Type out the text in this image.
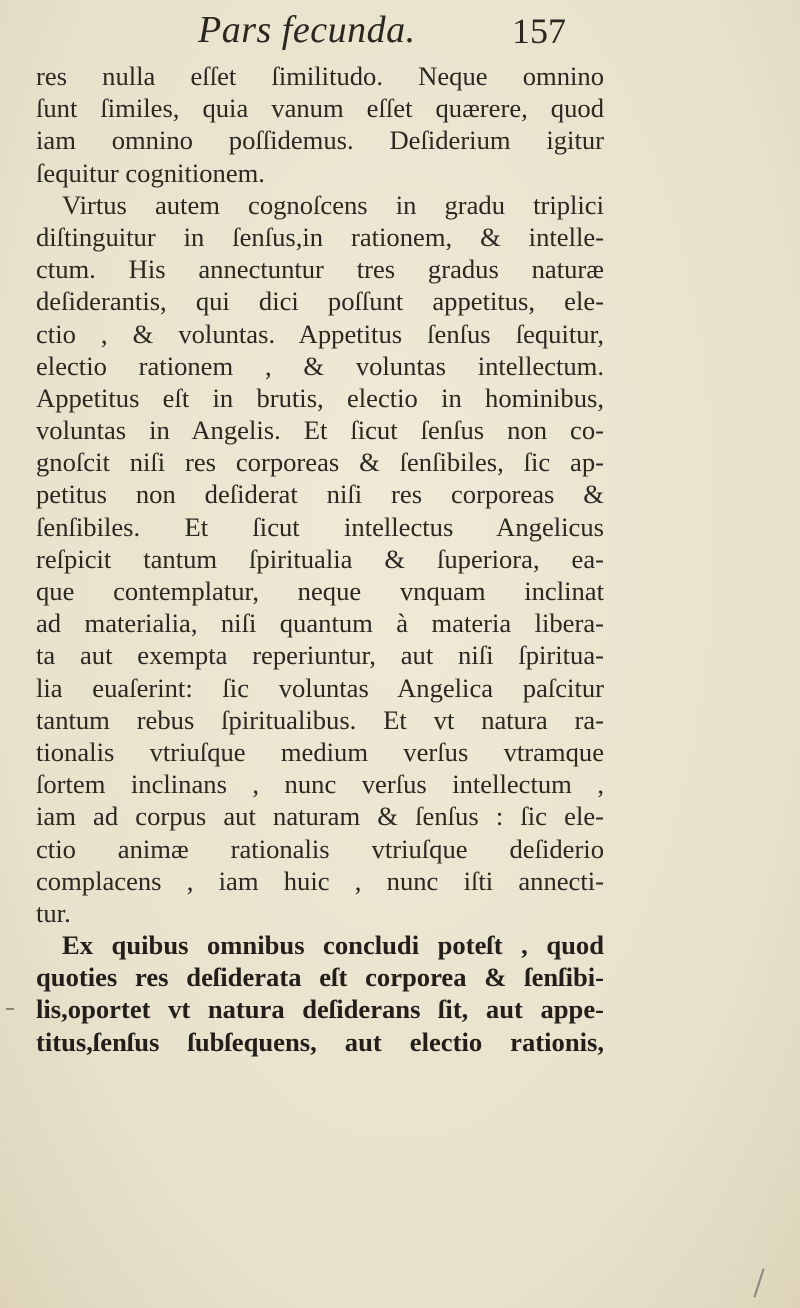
Pars fecunda.	157
res nulla eſſet ſimilitudo. Neque omnino
ſunt ſimiles, quia vanum eſſet quærere, quod
iam omnino poſſidemus. Deſiderium igitur
ſequitur cognitionem.
Virtus autem cognoſcens in gradu triplici
diſtinguitur in ſenſus,in rationem, & intelle-
ctum. His annectuntur tres gradus naturæ
deſiderantis, qui dici poſſunt appetitus, ele-
ctio , & voluntas. Appetitus ſenſus ſequitur,
electio rationem , & voluntas intellectum.
Appetitus eſt in brutis, electio in hominibus,
voluntas in Angelis. Et ſicut ſenſus non co-
gnoſcit niſi res corporeas & ſenſibiles, ſic ap-
petitus non deſiderat niſi res corporeas &
ſenſibiles. Et ſicut intellectus Angelicus
reſpicit tantum ſpiritualia & ſuperiora, ea-
que contemplatur, neque vnquam inclinat
ad materialia, niſi quantum à materia libera-
ta aut exempta reperiuntur, aut niſi ſpiritua-
lia euaſerint: ſic voluntas Angelica paſcitur
tantum rebus ſpiritualibus. Et vt natura ra-
tionalis vtriuſque medium verſus vtramque
ſortem inclinans , nunc verſus intellectum ,
iam ad corpus aut naturam & ſenſus : ſic ele-
ctio animæ rationalis vtriuſque deſiderio
complacens , iam huic , nunc iſti annecti-
tur.
Ex quibus omnibus concludi poteſt , quod
quoties res deſiderata eſt corporea & ſenſibi-
lis,oportet vt natura deſiderans ſit, aut appe-
titus,ſenſus ſubſequens, aut electio rationis,
